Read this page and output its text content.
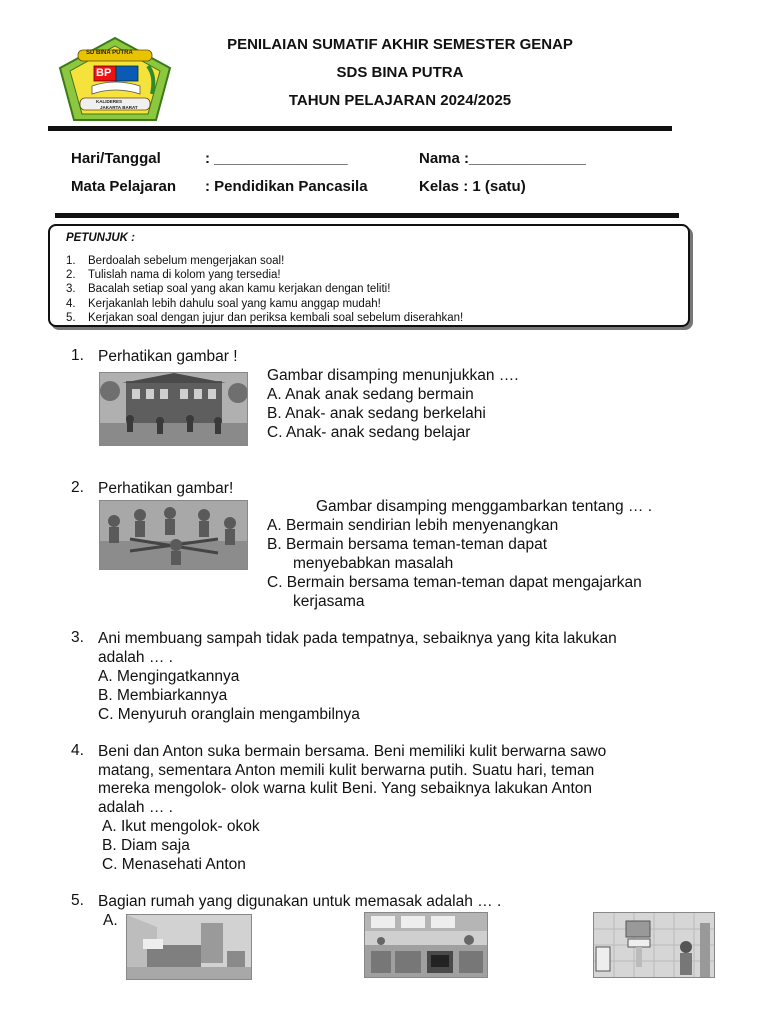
SD BINA PUTRA
BP
KALIDERES
JAKARTA BARAT
PENILAIAN SUMATIF AKHIR SEMESTER GENAP
SDS BINA PUTRA
TAHUN PELAJARAN 2024/2025
Hari/Tanggal	: ________________	Nama :______________
Mata Pelajaran : Pendidikan Pancasila	Kelas : 1 (satu)
PETUNJUK :
1. Berdoalah sebelum mengerjakan soal!
2. Tulislah nama di kolom yang tersedia!
3. Bacalah setiap soal yang akan kamu kerjakan dengan teliti!
4. Kerjakanlah lebih dahulu soal yang kamu anggap mudah!
5. Kerjakan soal dengan jujur dan periksa kembali soal sebelum diserahkan!
1. Perhatikan gambar !
Gambar disamping menunjukkan ….
A. Anak anak sedang bermain
B. Anak- anak sedang berkelahi
C. Anak- anak sedang belajar
2. Perhatikan gambar!
Gambar disamping menggambarkan tentang … .
A. Bermain sendirian lebih menyenangkan
B. Bermain bersama teman-teman dapat
menyebabkan masalah
C. Bermain bersama teman-teman dapat mengajarkan
kerjasama
3. Ani membuang sampah tidak pada tempatnya, sebaiknya yang kita lakukan
adalah … .
A. Mengingatkannya
B. Membiarkannya
C. Menyuruh oranglain mengambilnya
4. Beni dan Anton suka bermain bersama. Beni memiliki kulit berwarna sawo
matang, sementara Anton memili kulit berwarna putih. Suatu hari, teman
mereka mengolok- olok warna kulit Beni. Yang sebaiknya lakukan Anton
adalah … .
A. Ikut mengolok- okok
B. Diam saja
C. Menasehati Anton
5. Bagian rumah yang digunakan untuk memasak adalah … .
A.
